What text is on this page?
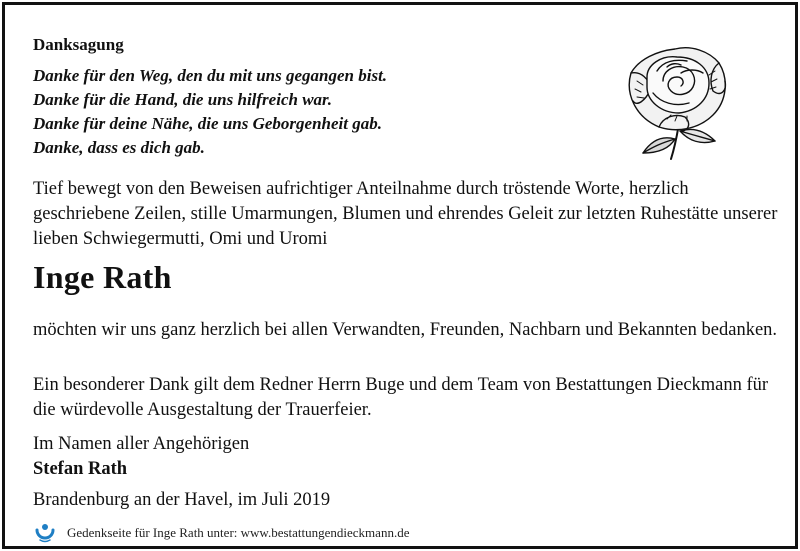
Danksagung
Danke für den Weg, den du mit uns gegangen bist.
Danke für die Hand, die uns hilfreich war.
Danke für deine Nähe, die uns Geborgenheit gab.
Danke, dass es dich gab.
Tief bewegt von den Beweisen aufrichtiger Anteilnahme durch tröstende Worte, herzlich geschriebene Zeilen, stille Umarmungen, Blumen und ehrendes Geleit zur letzten Ruhestätte unserer lieben Schwiegermutti, Omi und Uromi
Inge Rath
möchten wir uns ganz herzlich bei allen Verwandten, Freunden, Nachbarn und Bekannten bedanken.
Ein besonderer Dank gilt dem Redner Herrn Buge und dem Team von Bestattungen Dieckmann für die würdevolle Ausgestaltung der Trauerfeier.
Im Namen aller Angehörigen
Stefan Rath
Brandenburg an der Havel, im Juli 2019
Gedenkseite für Inge Rath unter: www.bestattungendieckmann.de
